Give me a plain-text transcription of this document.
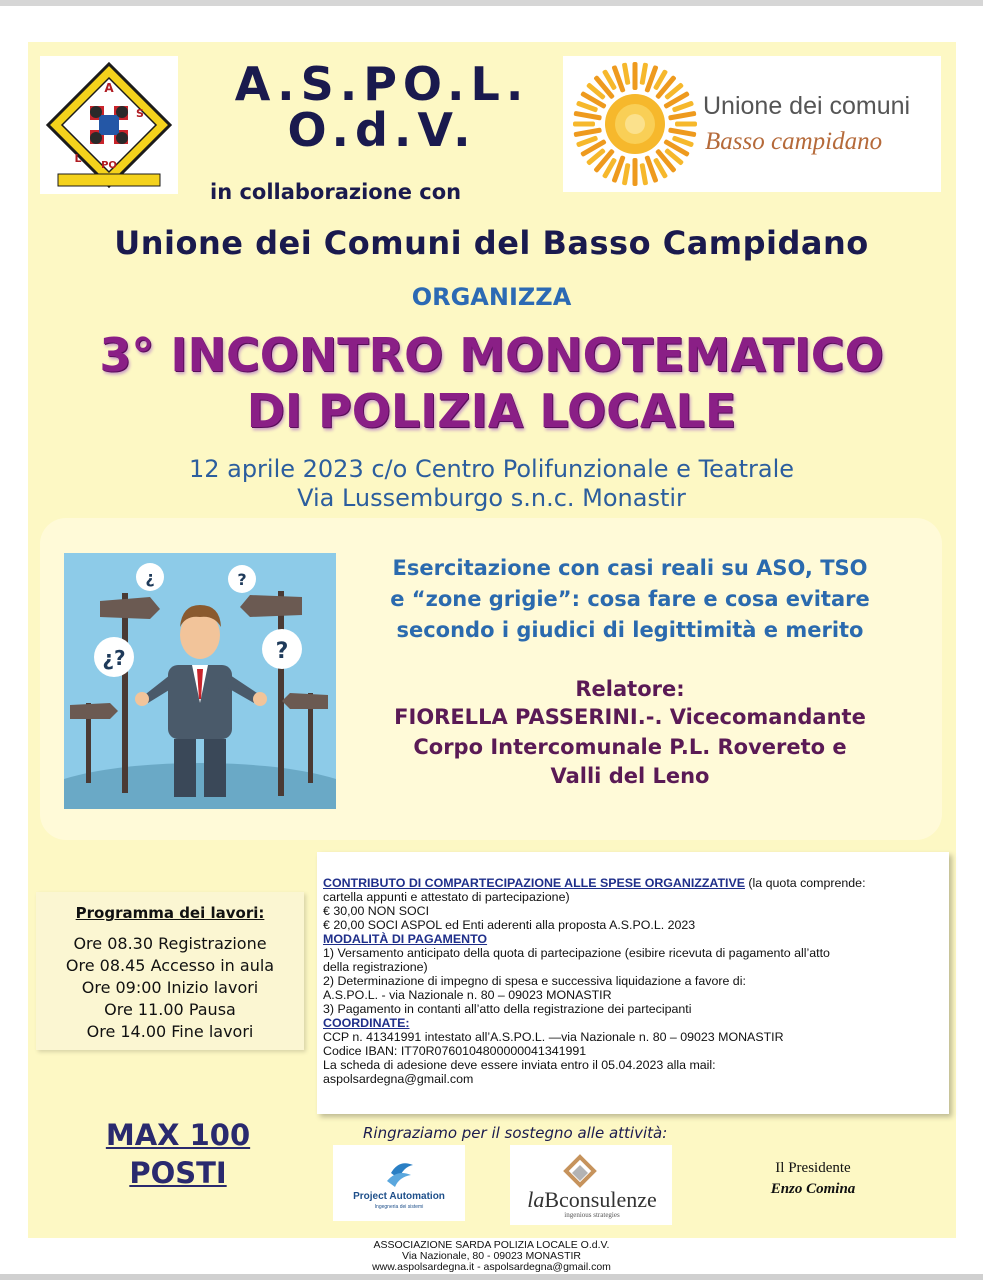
A
S
L
PO
A.S.PO.L.
O.d.V.
in collaborazione con
Unione dei comuni
Basso campidano
Unione dei Comuni del Basso Campidano
ORGANIZZA
3° INCONTRO MONOTEMATICO
DI POLIZIA LOCALE
12 aprile 2023 c/o Centro Polifunzionale e Teatrale
Via Lussemburgo s.n.c. Monastir
¿	?
¿?	?
Esercitazione con casi reali su ASO, TSO
e “zone grigie”: cosa fare e cosa evitare
secondo i giudici di legittimità e merito
Relatore:
FIORELLA PASSERINI.-. Vicecomandante
Corpo Intercomunale P.L. Rovereto e
Valli del Leno
Programma dei lavori:
Ore 08.30 Registrazione
Ore 08.45 Accesso in aula
Ore 09:00 Inizio lavori
Ore 11.00 Pausa
Ore 14.00 Fine lavori
CONTRIBUTO DI COMPARTECIPAZIONE ALLE SPESE ORGANIZZATIVE (la quota comprende:
cartella appunti e attestato di partecipazione)
€ 30,00 NON SOCI
€ 20,00 SOCI ASPOL ed Enti aderenti alla proposta A.S.PO.L. 2023
MODALITÀ DI PAGAMENTO
1) Versamento anticipato della quota di partecipazione (esibire ricevuta di pagamento all’atto
della registrazione)
2) Determinazione di impegno di spesa e successiva liquidazione a favore di:
A.S.PO.L. - via Nazionale n. 80 – 09023 MONASTIR
3) Pagamento in contanti all’atto della registrazione dei partecipanti
COORDINATE:
CCP n. 41341991 intestato all’A.S.PO.L. —via Nazionale n. 80 – 09023 MONASTIR
Codice IBAN: IT70R0760104800000041341991
La scheda di adesione deve essere inviata entro il 05.04.2023 alla mail:
aspolsardegna@gmail.com
MAX 100
POSTI
Ringraziamo per il sostegno alle attività:
Project Automation
Ingegneria dei sistemi	laBconsulenze
ingenious strategies
Il Presidente
Enzo Comina
ASSOCIAZIONE SARDA POLIZIA LOCALE O.d.V.
Via Nazionale, 80 - 09023 MONASTIR
www.aspolsardegna.it - aspolsardegna@gmail.com
